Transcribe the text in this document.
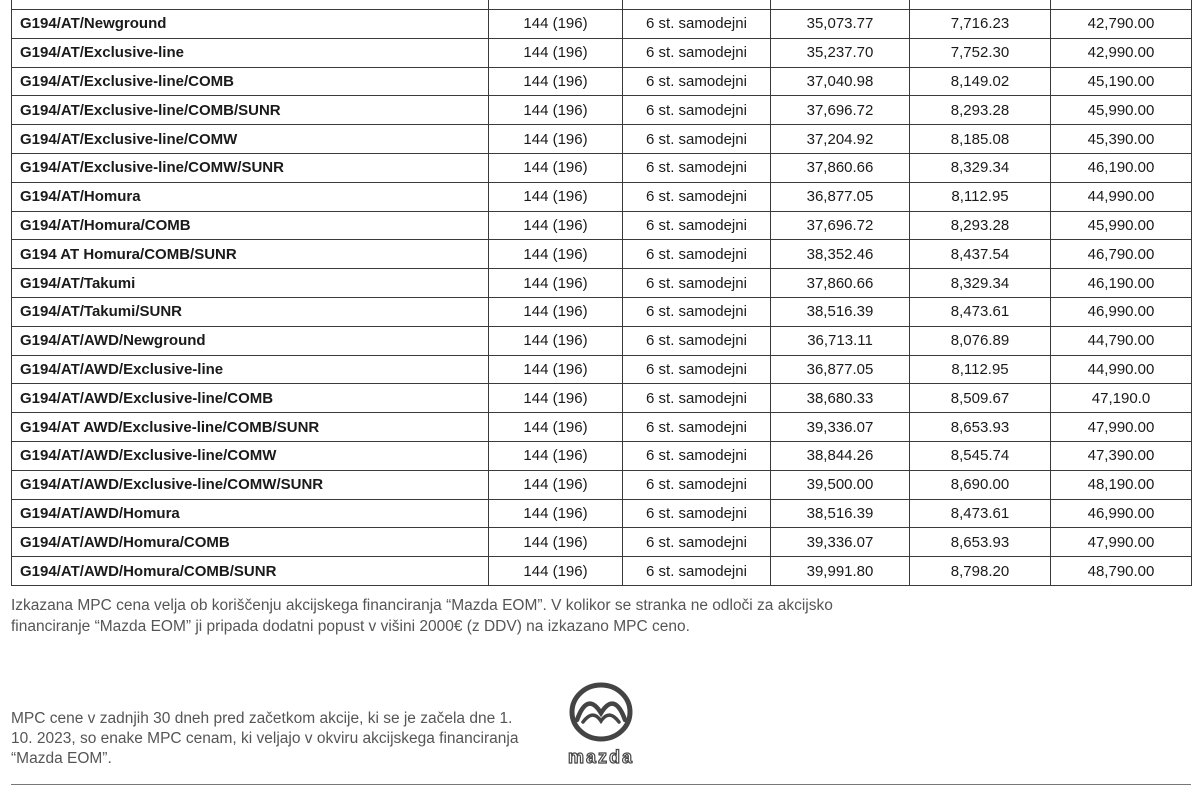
G194/AT/Newground	144 (196)	6 st. samodejni	35,073.77	7,716.23	42,790.00
G194/AT/Exclusive-line	144 (196)	6 st. samodejni	35,237.70	7,752.30	42,990.00
G194/AT/Exclusive-line/COMB	144 (196)	6 st. samodejni	37,040.98	8,149.02	45,190.00
G194/AT/Exclusive-line/COMB/SUNR	144 (196)	6 st. samodejni	37,696.72	8,293.28	45,990.00
G194/AT/Exclusive-line/COMW	144 (196)	6 st. samodejni	37,204.92	8,185.08	45,390.00
G194/AT/Exclusive-line/COMW/SUNR	144 (196)	6 st. samodejni	37,860.66	8,329.34	46,190.00
G194/AT/Homura	144 (196)	6 st. samodejni	36,877.05	8,112.95	44,990.00
G194/AT/Homura/COMB	144 (196)	6 st. samodejni	37,696.72	8,293.28	45,990.00
G194 AT Homura/COMB/SUNR	144 (196)	6 st. samodejni	38,352.46	8,437.54	46,790.00
G194/AT/Takumi	144 (196)	6 st. samodejni	37,860.66	8,329.34	46,190.00
G194/AT/Takumi/SUNR	144 (196)	6 st. samodejni	38,516.39	8,473.61	46,990.00
G194/AT/AWD/Newground	144 (196)	6 st. samodejni	36,713.11	8,076.89	44,790.00
G194/AT/AWD/Exclusive-line	144 (196)	6 st. samodejni	36,877.05	8,112.95	44,990.00
G194/AT/AWD/Exclusive-line/COMB	144 (196)	6 st. samodejni	38,680.33	8,509.67	47,190.0
G194/AT AWD/Exclusive-line/COMB/SUNR	144 (196)	6 st. samodejni	39,336.07	8,653.93	47,990.00
G194/AT/AWD/Exclusive-line/COMW	144 (196)	6 st. samodejni	38,844.26	8,545.74	47,390.00
G194/AT/AWD/Exclusive-line/COMW/SUNR	144 (196)	6 st. samodejni	39,500.00	8,690.00	48,190.00
G194/AT/AWD/Homura	144 (196)	6 st. samodejni	38,516.39	8,473.61	46,990.00
G194/AT/AWD/Homura/COMB	144 (196)	6 st. samodejni	39,336.07	8,653.93	47,990.00
G194/AT/AWD/Homura/COMB/SUNR	144 (196)	6 st. samodejni	39,991.80	8,798.20	48,790.00
Izkazana MPC cena velja ob koriščenju akcijskega financiranja “Mazda EOM”. V kolikor se stranka ne odloči za akcijsko financiranje “Mazda EOM” ji pripada dodatni popust v višini 2000€ (z DDV) na izkazano MPC ceno.
MPC cene v zadnjih 30 dneh pred začetkom akcije, ki se je začela dne 1. 10. 2023, so enake MPC cenam, ki veljajo v okviru akcijskega financiranja “Mazda EOM”.	mazda
